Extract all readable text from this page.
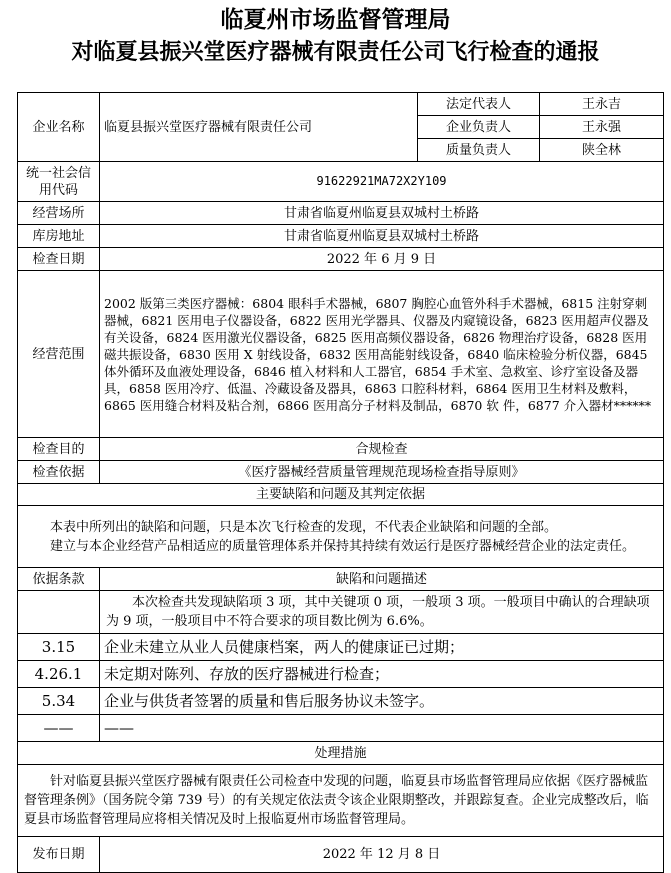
临夏州市场监督管理局
对临夏县振兴堂医疗器械有限责任公司飞行检查的通报
企业名称	临夏县振兴堂医疗器械有限责任公司	法定代表人	王永吉
		企业负责人	王永强
		质量负责人	陕全林
统一社会信用代码	91622921MA72X2Y109		
经营场所	甘肃省临夏州临夏县双城村土桥路		
库房地址	甘肃省临夏州临夏县双城村土桥路		
检查日期	2022 年 6 月 9 日		
经营范围	2002 版第三类医疗器械：6804 眼科手术器械，6807 胸腔心血管外科手术器械，6815 注射穿刺器械，6821 医用电子仪器设备，6822 医用光学器具、仪器及内窥镜设备，6823 医用超声仪器及有关设备，6824 医用激光仪器设备，6825 医用高频仪器设备，6826 物理治疗设备，6828 医用磁共振设备，6830 医用 X 射线设备，6832 医用高能射线设备，6840 临床检验分析仪器，6845 体外循环及血液处理设备，6846 植入材料和人工器官，6854 手术室、急救室、诊疗室设备及器具，6858 医用冷疗、低温、冷藏设备及器具，6863 口腔科材料，6864 医用卫生材料及敷料，6865 医用缝合材料及粘合剂，6866 医用高分子材料及制品，6870 软 件，6877 介入器材******		
检查目的	合规检查		
检查依据	《医疗器械经营质量管理规范现场检查指导原则》		
主要缺陷和问题及其判定依据			

本表中所列出的缺陷和问题，只是本次飞行检查的发现，不代表企业缺陷和问题的全部。

建立与本企业经营产品相适应的质量管理体系并保持其持续有效运行是医疗器械经营企业的法定责任。			

依据条款	缺陷和问题描述		

	本次检查共发现缺陷项 3 项，其中关键项 0 项，一般项 3 项。一般项目中确认的合理缺项为 9 项，一般项目中不符合要求的项目数比例为 6.6%。		

3.15	企业未建立从业人员健康档案，两人的健康证已过期；		
4.26.1	未定期对陈列、存放的医疗器械进行检查；		
5.34	企业与供货者签署的质量和售后服务协议未签字。		
——	——		
处理措施			

针对临夏县振兴堂医疗器械有限责任公司检查中发现的问题，临夏县市场监督管理局应依据《医疗器械监督管理条例》（国务院令第 739 号）的有关规定依法责令该企业限期整改，并跟踪复查。企业完成整改后，临夏县市场监督管理局应将相关情况及时上报临夏州市场监督管理局。			

发布日期	2022 年 12 月 8 日		
